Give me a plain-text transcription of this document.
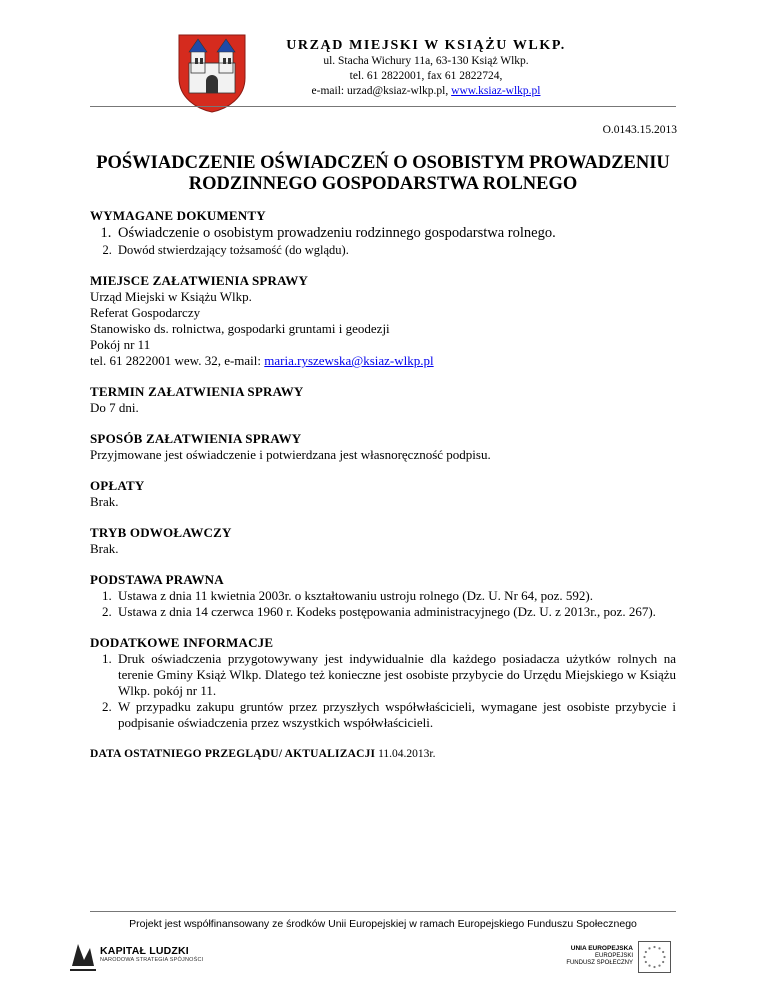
URZĄD MIEJSKI W KSIĄŻU WLKP.
ul. Stacha Wichury 11a, 63-130 Książ Wlkp.
tel. 61 2822001, fax 61 2822724,
e-mail: urzad@ksiaz-wlkp.pl, www.ksiaz-wlkp.pl
O.0143.15.2013
POŚWIADCZENIE OŚWIADCZEŃ O OSOBISTYM PROWADZENIU
RODZINNEGO GOSPODARSTWA ROLNEGO
WYMAGANE DOKUMENTY
1. Oświadczenie o osobistym prowadzeniu rodzinnego gospodarstwa rolnego.
2. Dowód stwierdzający tożsamość (do wglądu).
MIEJSCE ZAŁATWIENIA SPRAWY
Urząd Miejski w Książu Wlkp.
Referat Gospodarczy
Stanowisko ds. rolnictwa, gospodarki gruntami i geodezji
Pokój nr 11
tel. 61 2822001 wew. 32, e-mail: maria.ryszewska@ksiaz-wlkp.pl
TERMIN ZAŁATWIENIA SPRAWY
Do 7 dni.
SPOSÓB ZAŁATWIENIA SPRAWY
Przyjmowane jest oświadczenie i potwierdzana jest własnoręczność podpisu.
OPŁATY
Brak.
TRYB ODWOŁAWCZY
Brak.
PODSTAWA PRAWNA
1. Ustawa z dnia 11 kwietnia 2003r. o kształtowaniu ustroju rolnego (Dz. U. Nr 64, poz. 592).
2. Ustawa z dnia 14 czerwca 1960 r. Kodeks postępowania administracyjnego (Dz. U. z 2013r., poz. 267).
DODATKOWE INFORMACJE
1. Druk oświadczenia przygotowywany jest indywidualnie dla każdego posiadacza użytków rolnych na terenie Gminy Książ Wlkp. Dlatego też konieczne jest osobiste przybycie do Urzędu Miejskiego w Książu Wlkp. pokój nr 11.
2. W przypadku zakupu gruntów przez przyszłych współwłaścicieli, wymagane jest osobiste przybycie i podpisanie oświadczenia przez wszystkich współwłaścicieli.
DATA OSTATNIEGO PRZEGLĄDU/ AKTUALIZACJI 11.04.2013r.
Projekt jest współfinansowany ze środków Unii Europejskiej w ramach Europejskiego Funduszu Społecznego
KAPITAŁ LUDZKI
NARODOWA STRATEGIA SPÓJNOŚCI
UNIA EUROPEJSKA
EUROPEJSKI
FUNDUSZ SPOŁECZNY
